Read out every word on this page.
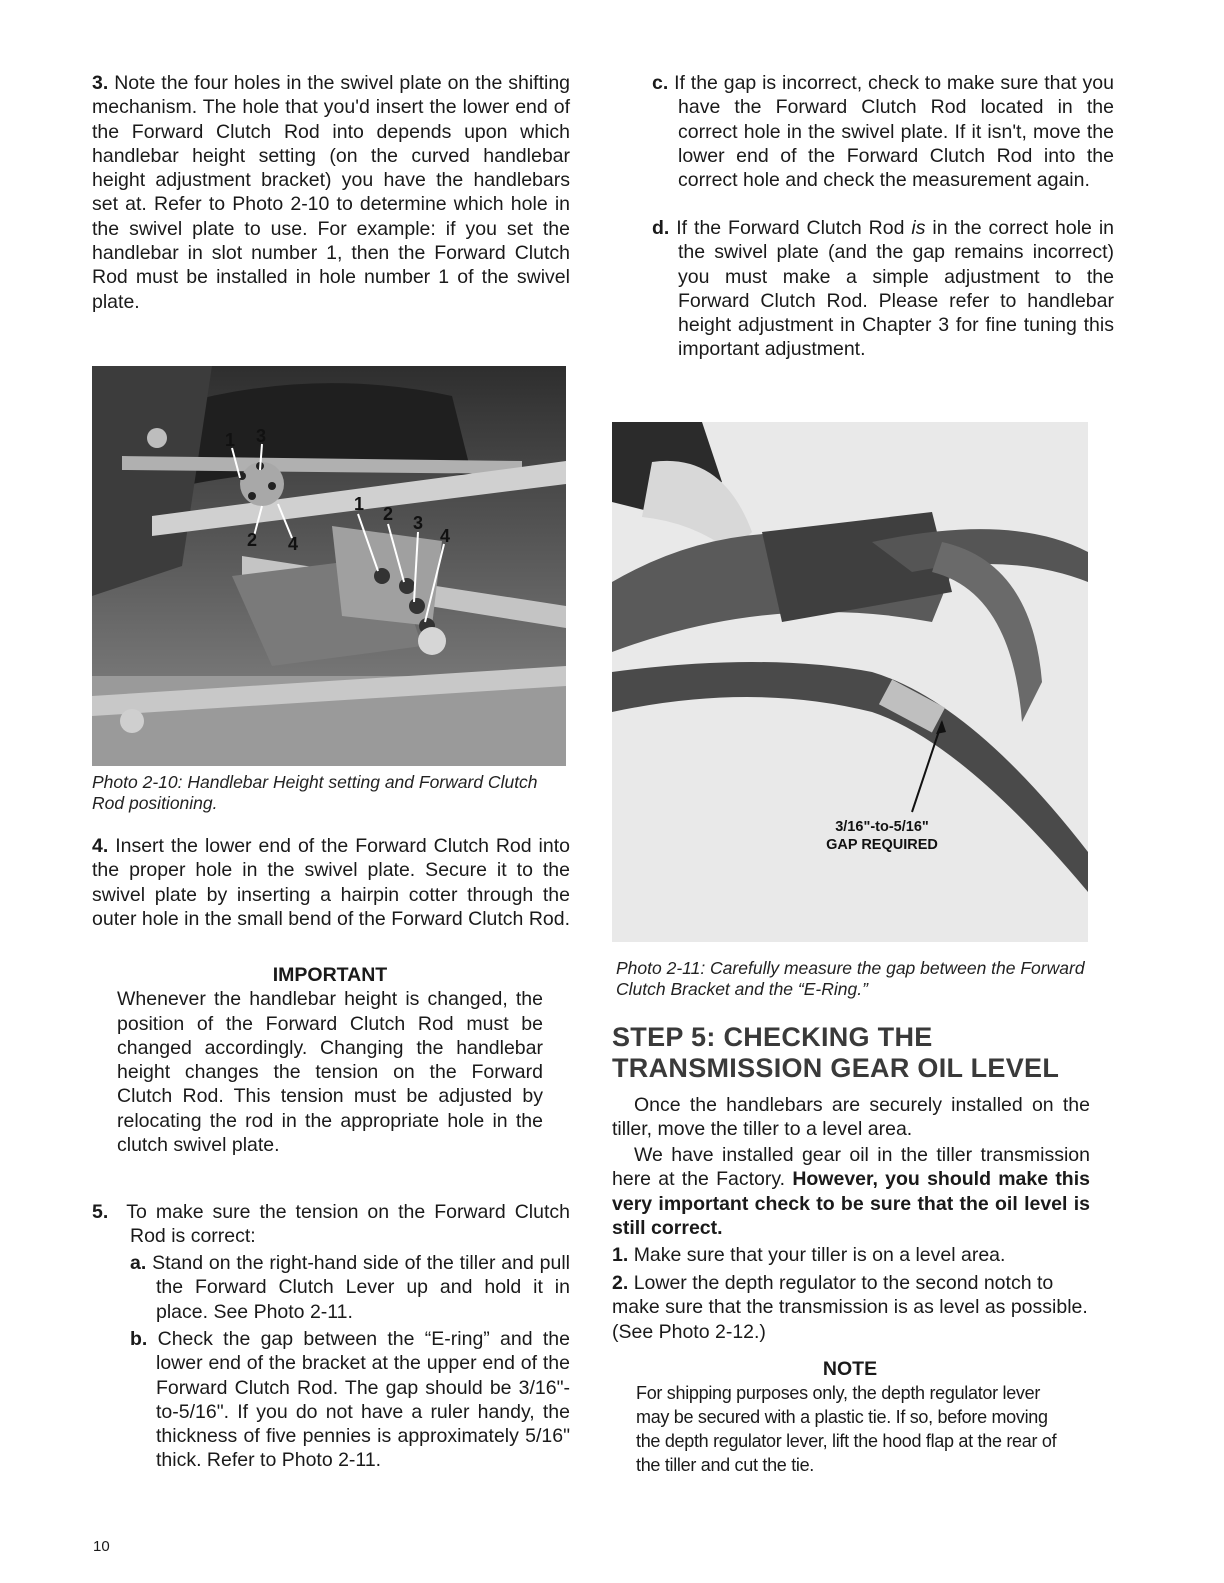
3. Note the four holes in the swivel plate on the shifting mechanism. The hole that you'd insert the lower end of the Forward Clutch Rod into depends upon which handlebar height setting (on the curved handlebar height adjustment bracket) you have the handlebars set at. Refer to Photo 2-10 to determine which hole in the swivel plate to use. For example: if you set the handlebar in slot number 1, then the Forward Clutch Rod must be installed in hole number 1 of the swivel plate.

1 3
2 4
1 2 3
4
Photo 2-10: Handlebar Height setting and Forward Clutch Rod positioning.

4. Insert the lower end of the Forward Clutch Rod into the proper hole in the swivel plate. Secure it to the swivel plate by inserting a hairpin cotter through the outer hole in the small bend of the Forward Clutch Rod.

IMPORTANT

Whenever the handlebar height is changed, the position of the Forward Clutch Rod must be changed accordingly. Changing the handlebar height changes the tension on the Forward Clutch Rod. This tension must be adjusted by relocating the rod in the appropriate hole in the clutch swivel plate.

5. To make sure the tension on the Forward Clutch Rod is correct:

a. Stand on the right-hand side of the tiller and pull the Forward Clutch Lever up and hold it in place. See Photo 2-11.

b. Check the gap between the “E-ring” and the lower end of the bracket at the upper end of the Forward Clutch Rod. The gap should be 3/16"-to-5/16". If you do not have a ruler handy, the thickness of five pennies is approximately 5/16" thick. Refer to Photo 2-11.

10

c. If the gap is incorrect, check to make sure that you have the Forward Clutch Rod located in the correct hole in the swivel plate. If it isn't, move the lower end of the Forward Clutch Rod into the correct hole and check the measurement again.

d. If the Forward Clutch Rod is in the correct hole in the swivel plate (and the gap remains incorrect) you must make a simple adjustment to the Forward Clutch Rod. Please refer to handlebar height adjustment in Chapter 3 for fine tuning this important adjustment.

3/16"-to-5/16"
GAP REQUIRED
Photo 2-11: Carefully measure the gap between the Forward Clutch Bracket and the “E-Ring.”
STEP 5: CHECKING THE
TRANSMISSION GEAR OIL LEVEL

Once the handlebars are securely installed on the tiller, move the tiller to a level area.

We have installed gear oil in the tiller transmission here at the Factory. However, you should make this very important check to be sure that the oil level is still correct.

1. Make sure that your tiller is on a level area.

2. Lower the depth regulator to the second notch to make sure that the transmission is as level as possible. (See Photo 2-12.)

NOTE

For shipping purposes only, the depth regulator lever may be secured with a plastic tie. If so, before moving the depth regulator lever, lift the hood flap at the rear of the tiller and cut the tie.
